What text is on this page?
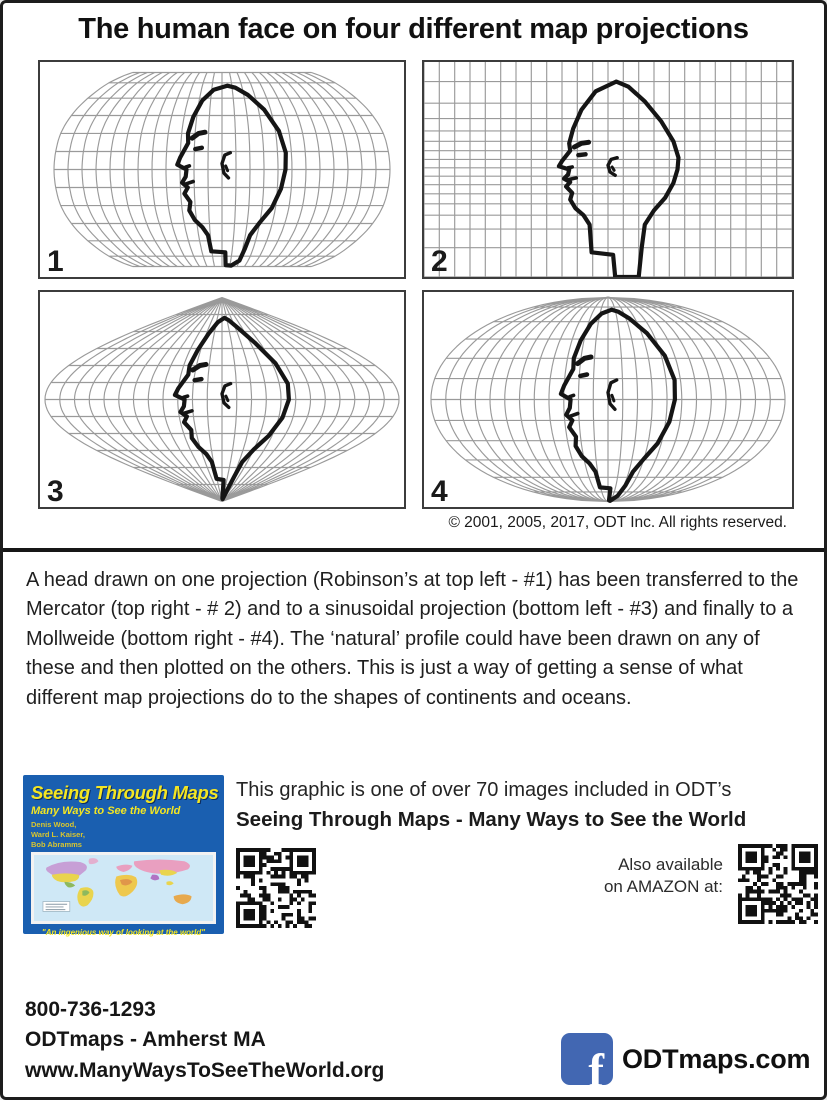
The human face on four different map projections
1	2
3	4
© 2001, 2005, 2017, ODT Inc. All rights reserved.
A head drawn on one projection (Robinson’s at top left - #1) has been transferred to the Mercator (top right - # 2) and to a sinusoidal projection (bottom left - #3) and finally to a Mollweide (bottom right - #4). The ‘natural’ profile could have been drawn on any of these and then plotted on the others. This is just a way of getting a sense of what different map projections do to the shapes of continents and oceans.
Seeing Through Maps
Many Ways to See the World
Denis Wood,
Ward L. Kaiser,
Bob Abramms
"An ingenious way of looking at the world"
This graphic is one of over 70 images included in ODT’s
Seeing Through Maps - Many Ways to See the World
Also available
on AMAZON at:
800-736-1293
ODTmaps - Amherst MA
www.ManyWaysToSeeTheWorld.org	f ODTmaps.com
